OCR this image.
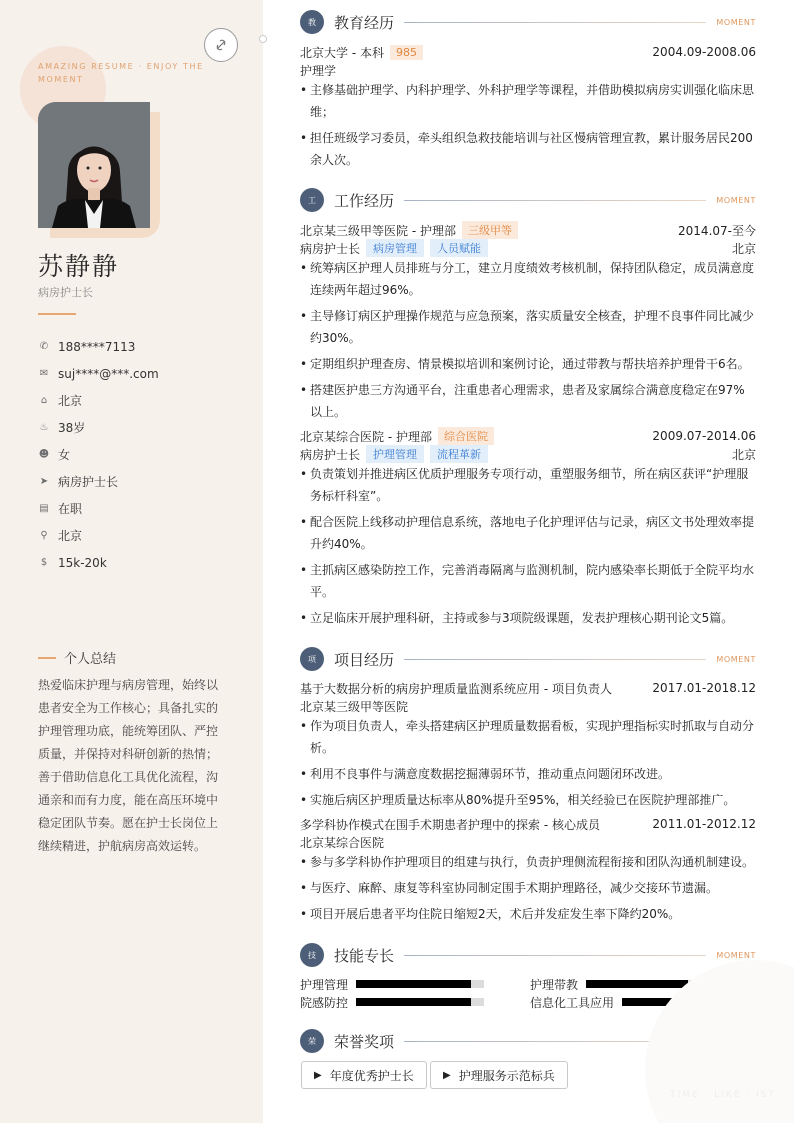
AMAZING RESUME · ENJOY THE MOMENT
苏静静
病房护士长
✆ 188****7113
✉ suj****@***.com
⌂ 北京
♨ 38岁
☻ 女
➤ 病房护士长
▤ 在职
⚲ 北京
$ 15k-20k
个人总结
热爱临床护理与病房管理，始终以患者安全为工作核心；具备扎实的护理管理功底，能统筹团队、严控质量，并保持对科研创新的热情；善于借助信息化工具优化流程，沟通亲和而有力度，能在高压环境中稳定团队节奏。愿在护士长岗位上继续精进，护航病房高效运转。
教	教育经历	MOMENT
北京大学 - 本科	985	2004.09-2008.06
护理学
• 主修基础护理学、内科护理学、外科护理学等课程，并借助模拟病房实训强化临床思维；
• 担任班级学习委员，牵头组织急救技能培训与社区慢病管理宣教，累计服务居民200余人次。
工	工作经历	MOMENT
北京某三级甲等医院 - 护理部	三级甲等	2014.07-至今
病房护士长	病房管理	人员赋能	北京
• 统筹病区护理人员排班与分工，建立月度绩效考核机制，保持团队稳定，成员满意度连续两年超过96%。
• 主导修订病区护理操作规范与应急预案，落实质量安全核查，护理不良事件同比减少约30%。
• 定期组织护理查房、情景模拟培训和案例讨论，通过带教与帮扶培养护理骨干6名。
• 搭建医护患三方沟通平台，注重患者心理需求，患者及家属综合满意度稳定在97%以上。
北京某综合医院 - 护理部	综合医院	2009.07-2014.06
病房护士长	护理管理	流程革新	北京
• 负责策划并推进病区优质护理服务专项行动，重塑服务细节，所在病区获评“护理服务标杆科室”。
• 配合医院上线移动护理信息系统，落地电子化护理评估与记录，病区文书处理效率提升约40%。
• 主抓病区感染防控工作，完善消毒隔离与监测机制，院内感染率长期低于全院平均水平。
• 立足临床开展护理科研，主持或参与3项院级课题，发表护理核心期刊论文5篇。
项	项目经历	MOMENT
基于大数据分析的病房护理质量监测系统应用 - 项目负责人	2017.01-2018.12
北京某三级甲等医院
• 作为项目负责人，牵头搭建病区护理质量数据看板，实现护理指标实时抓取与自动分析。
• 利用不良事件与满意度数据挖掘薄弱环节，推动重点问题闭环改进。
• 实施后病区护理质量达标率从80%提升至95%，相关经验已在医院护理部推广。
多学科协作模式在围手术期患者护理中的探索 - 核心成员	2011.01-2012.12
北京某综合医院
• 参与多学科协作护理项目的组建与执行，负责护理侧流程衔接和团队沟通机制建设。
• 与医疗、麻醉、康复等科室协同制定围手术期护理路径，减少交接环节遗漏。
• 项目开展后患者平均住院日缩短2天，术后并发症发生率下降约20%。
技	技能专长	MOMENT
护理管理	护理带教
院感防控	信息化工具应用
荣	荣誉奖项
TIME · LIKE · IST
▶ 年度优秀护士长	▶ 护理服务示范标兵
